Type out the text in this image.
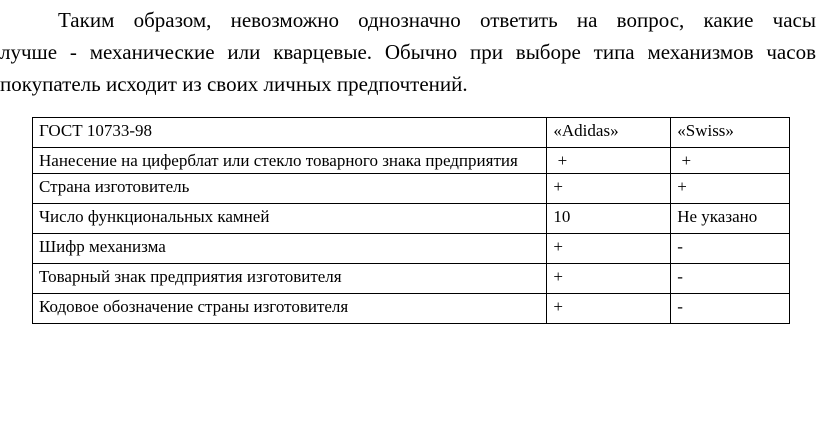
Таким образом, невозможно однозначно ответить на вопрос, какие часы
лучше - механические или кварцевые. Обычно при выборе типа механизмов часов
покупатель исходит из своих личных предпочтений.
ГОСТ 10733-98	«Adidas»	«Swiss»
Нанесение на циферблат или стекло товарного знака предприятия	+	+
Страна изготовитель	+	+
Число функциональных камней	10	Не указано
Шифр механизма	+	-
Товарный знак предприятия изготовителя	+	-
Кодовое обозначение страны изготовителя	+	-
